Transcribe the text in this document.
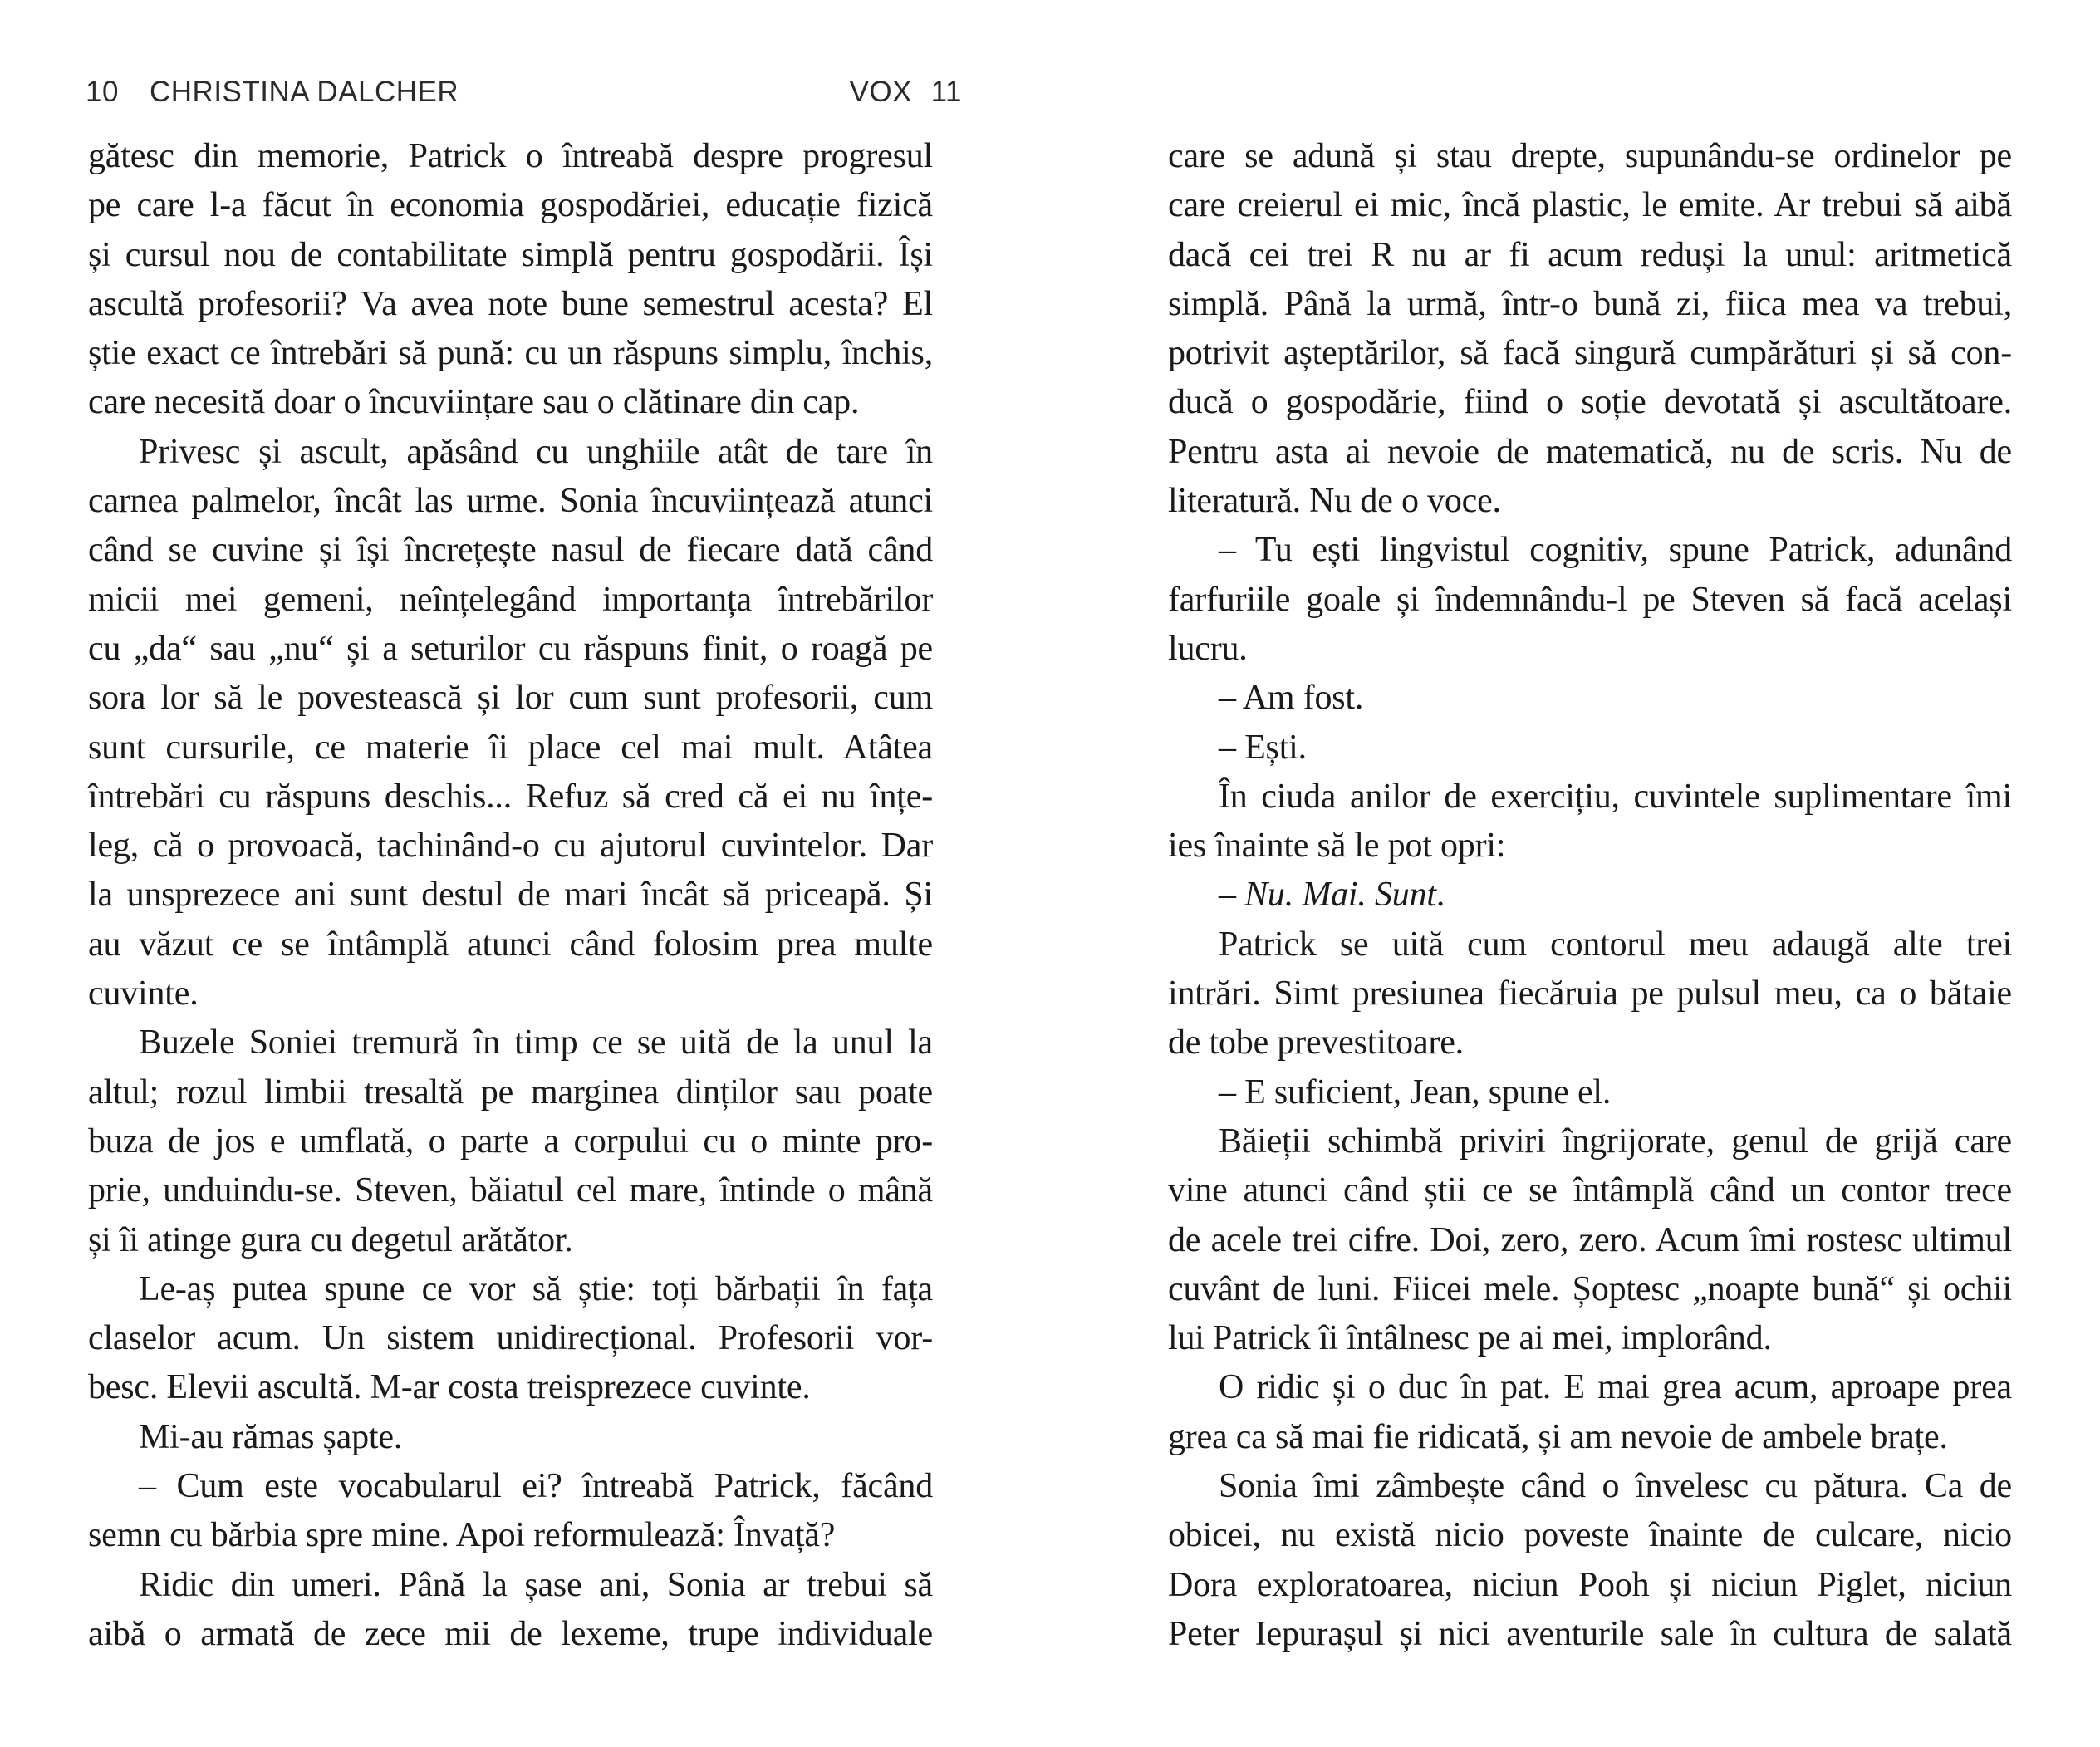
10 CHRISTINA DALCHER
gătesc din memorie, Patrick o întreabă despre progresul
pe care l-a făcut în economia gospodăriei, educație fizică
și cursul nou de contabilitate simplă pentru gospodării. Își
ascultă profesorii? Va avea note bune semestrul acesta? El
știe exact ce întrebări să pună: cu un răspuns simplu, închis,
care necesită doar o încuviințare sau o clătinare din cap.
Privesc și ascult, apăsând cu unghiile atât de tare în
carnea palmelor, încât las urme. Sonia încuviințează atunci
când se cuvine și își încrețește nasul de fiecare dată când
micii mei gemeni, neînțelegând importanța întrebărilor
cu „da“ sau „nu“ și a seturilor cu răspuns finit, o roagă pe
sora lor să le povestească și lor cum sunt profesorii, cum
sunt cursurile, ce materie îi place cel mai mult. Atâtea
întrebări cu răspuns deschis... Refuz să cred că ei nu înțe-
leg, că o provoacă, tachinând-o cu ajutorul cuvintelor. Dar
la unsprezece ani sunt destul de mari încât să priceapă. Și
au văzut ce se întâmplă atunci când folosim prea multe
cuvinte.
Buzele Soniei tremură în timp ce se uită de la unul la
altul; rozul limbii tresaltă pe marginea dinților sau poate
buza de jos e umflată, o parte a corpului cu o minte pro-
prie, unduindu-se. Steven, băiatul cel mare, întinde o mână
și îi atinge gura cu degetul arătător.
Le-aș putea spune ce vor să știe: toți bărbații în fața
claselor acum. Un sistem unidirecțional. Profesorii vor-
besc. Elevii ascultă. M-ar costa treisprezece cuvinte.
Mi-au rămas șapte.
– Cum este vocabularul ei? întreabă Patrick, făcând
semn cu bărbia spre mine. Apoi reformulează: Învață?
Ridic din umeri. Până la șase ani, Sonia ar trebui să
aibă o armată de zece mii de lexeme, trupe individuale
VOX 11
care se adună și stau drepte, supunându-se ordinelor pe
care creierul ei mic, încă plastic, le emite. Ar trebui să aibă
dacă cei trei R nu ar fi acum reduși la unul: aritmetică
simplă. Până la urmă, într-o bună zi, fiica mea va trebui,
potrivit așteptărilor, să facă singură cumpărături și să con-
ducă o gospodărie, fiind o soție devotată și ascultătoare.
Pentru asta ai nevoie de matematică, nu de scris. Nu de
literatură. Nu de o voce.
– Tu ești lingvistul cognitiv, spune Patrick, adunând
farfuriile goale și îndemnându-l pe Steven să facă același
lucru.
– Am fost.
– Ești.
În ciuda anilor de exercițiu, cuvintele suplimentare îmi
ies înainte să le pot opri:
– Nu. Mai. Sunt.
Patrick se uită cum contorul meu adaugă alte trei
intrări. Simt presiunea fiecăruia pe pulsul meu, ca o bătaie
de tobe prevestitoare.
– E suficient, Jean, spune el.
Băieții schimbă priviri îngrijorate, genul de grijă care
vine atunci când știi ce se întâmplă când un contor trece
de acele trei cifre. Doi, zero, zero. Acum îmi rostesc ultimul
cuvânt de luni. Fiicei mele. Șoptesc „noapte bună“ și ochii
lui Patrick îi întâlnesc pe ai mei, implorând.
O ridic și o duc în pat. E mai grea acum, aproape prea
grea ca să mai fie ridicată, și am nevoie de ambele brațe.
Sonia îmi zâmbește când o învelesc cu pătura. Ca de
obicei, nu există nicio poveste înainte de culcare, nicio
Dora exploratoarea, niciun Pooh și niciun Piglet, niciun
Peter Iepurașul și nici aventurile sale în cultura de salată
